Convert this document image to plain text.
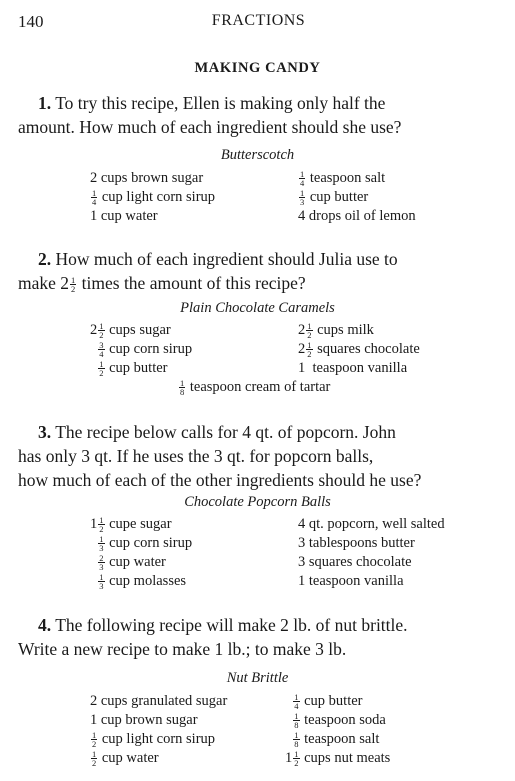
140	FRACTIONS
MAKING CANDY
1. To try this recipe, Ellen is making only half the
amount. How much of each ingredient should she use?
Butterscotch
2 cups brown sugar
$\frac{1}{4}$ cup light corn sirup
1 cup water
$\frac{1}{4}$ teaspoon salt
$\frac{1}{3}$ cup butter
4 drops oil of lemon
2. How much of each ingredient should Julia use to
make $2 \frac{1}{2}$ times the amount of this recipe?
Plain Chocolate Caramels
$2 \frac{1}{2}$ cups sugar

$\frac{3}{4}$ cup corn sirup

$\frac{1}{2}$ cup butter
$2 \frac{1}{2}$ cups milk
$2 \frac{1}{2}$ squares chocolate
1 teaspoon vanilla
$\frac{1}{8}$ teaspoon cream of tartar
3. The recipe below calls for 4 qt. of popcorn. John
has only 3 qt. If he uses the 3 qt. for popcorn balls,
how much of each of the other ingredients should he use?
Chocolate Popcorn Balls
$1 \frac{1}{2}$ cupe sugar

$\frac{1}{3}$ cup corn sirup

$\frac{2}{3}$ cup water

$\frac{1}{3}$ cup molasses
4 qt. popcorn, well salted
3 tablespoons butter
3 squares chocolate
1 teaspoon vanilla
4. The following recipe will make 2 lb. of nut brittle.
Write a new recipe to make 1 lb.; to make 3 lb.
Nut Brittle
2 cups granulated sugar
1 cup brown sugar
$\frac{1}{2}$ cup light corn sirup
$\frac{1}{2}$ cup water

$\frac{1}{4}$ cup butter

$\frac{1}{8}$ teaspoon soda

$\frac{1}{8}$ teaspoon salt
$1 \frac{1}{2}$ cups nut meats
